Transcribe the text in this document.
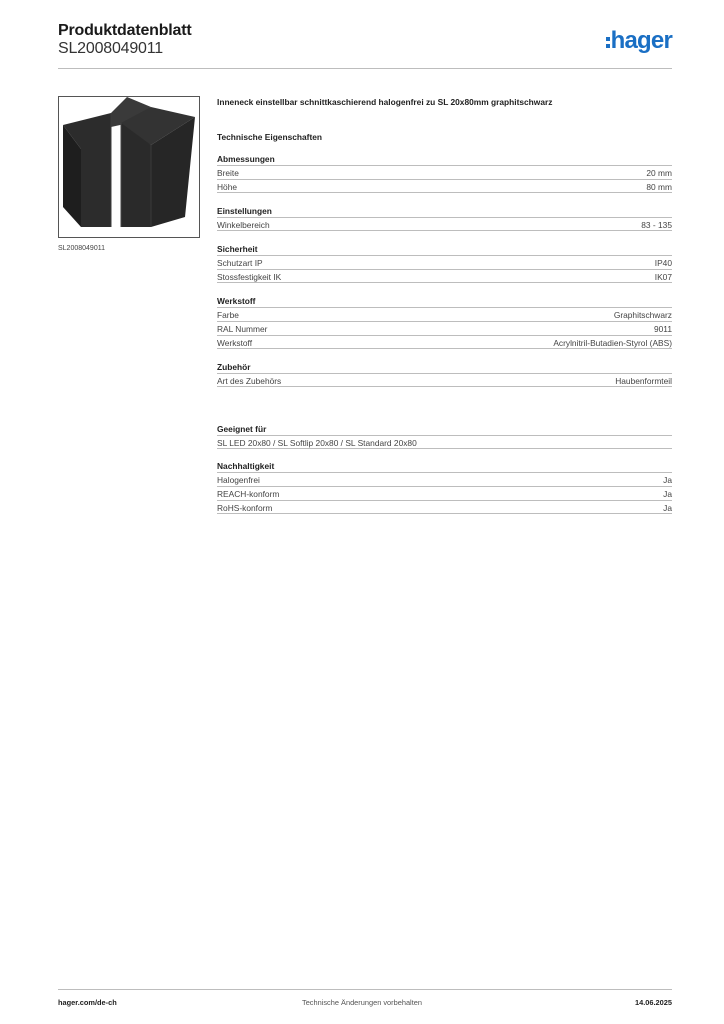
Produktdatenblatt
SL2008049011	hager
SL2008049011
Inneneck einstellbar schnittkaschierend halogenfrei zu SL 20x80mm graphitschwarz
Technische Eigenschaften
Abmessungen
Breite	20 mm
Höhe	80 mm
Einstellungen
Winkelbereich	83 - 135
Sicherheit
Schutzart IP	IP40
Stossfestigkeit IK	IK07
Werkstoff
Farbe	Graphitschwarz
RAL Nummer	9011
Werkstoff	Acrylnitril-Butadien-Styrol (ABS)
Zubehör
Art des Zubehörs	Haubenformteil
Geeignet für
SL LED 20x80 / SL Softlip 20x80 / SL Standard 20x80
Nachhaltigkeit
Halogenfrei	Ja
REACH-konform	Ja
RoHS-konform	Ja
hager.com/de-ch	Technische Änderungen vorbehalten	14.06.2025
